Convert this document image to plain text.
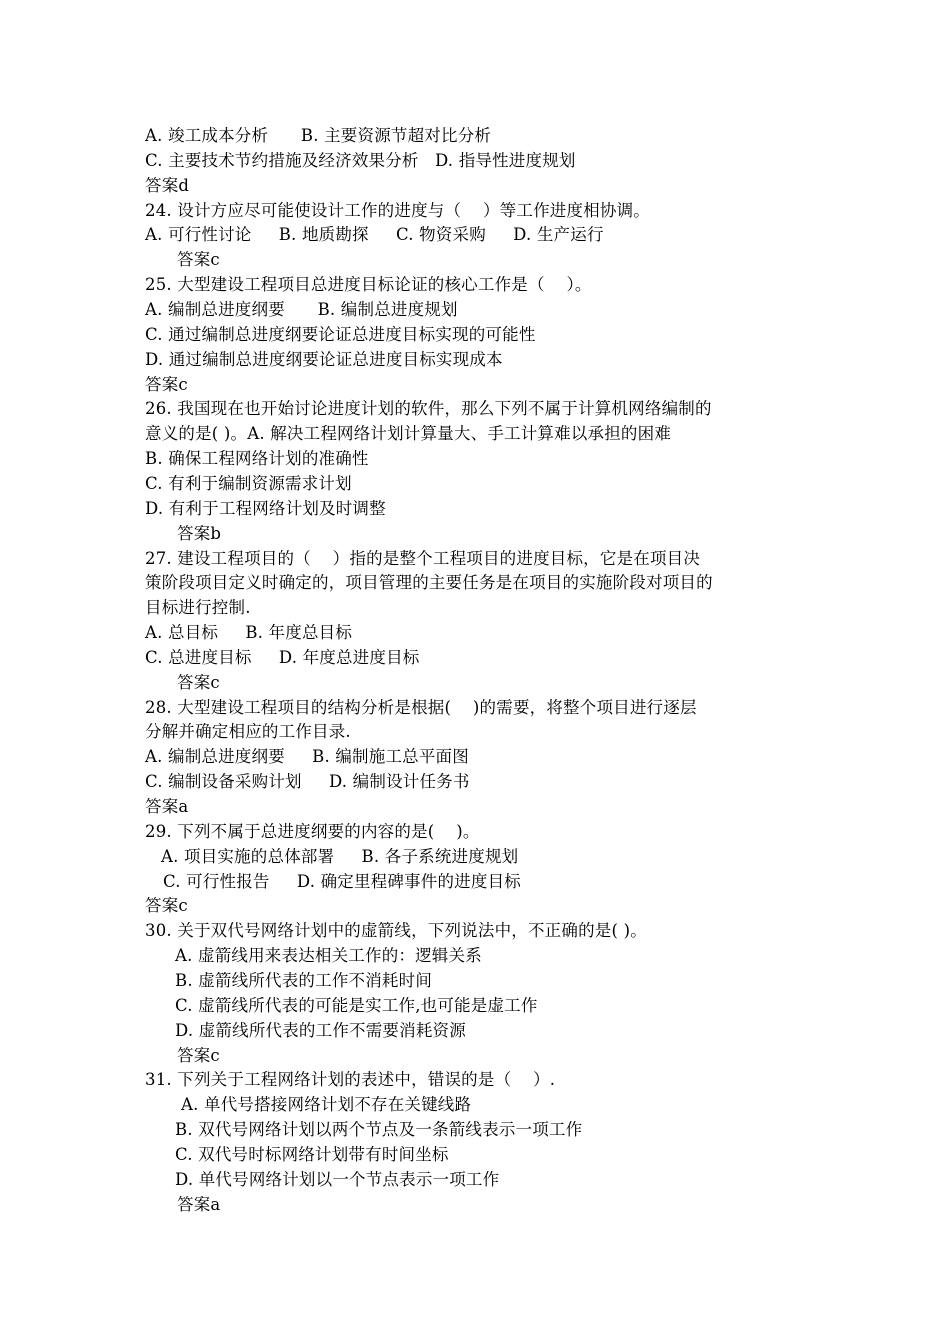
A. 竣工成本分析      B. 主要资源节超对比分析
C. 主要技术节约措施及经济效果分析   D. 指导性进度规划
答案d
24. 设计方应尽可能使设计工作的进度与（    ）等工作进度相协调。
A. 可行性讨论     B. 地质勘探     C. 物资采购     D. 生产运行
答案c
25. 大型建设工程项目总进度目标论证的核心工作是（    ）。
A. 编制总进度纲要      B. 编制总进度规划
C. 通过编制总进度纲要论证总进度目标实现的可能性
D. 通过编制总进度纲要论证总进度目标实现成本
答案c
26. 我国现在也开始讨论进度计划的软件，那么下列不属于计算机网络编制的
意义的是( )。A. 解决工程网络计划计算量大、手工计算难以承担的困难
B. 确保工程网络计划的准确性
C. 有利于编制资源需求计划
D. 有利于工程网络计划及时调整
答案b
27. 建设工程项目的（    ）指的是整个工程项目的进度目标，它是在项目决
策阶段项目定义时确定的，项目管理的主要任务是在项目的实施阶段对项目的
目标进行控制.
A. 总目标     B. 年度总目标
C. 总进度目标     D. 年度总进度目标
答案c
28. 大型建设工程项目的结构分析是根据(    )的需要，将整个项目进行逐层
分解并确定相应的工作目录.
A. 编制总进度纲要     B. 编制施工总平面图
C. 编制设备采购计划     D. 编制设计任务书
答案a
29. 下列不属于总进度纲要的内容的是(    )。
A. 项目实施的总体部署     B. 各子系统进度规划
C. 可行性报告     D. 确定里程碑事件的进度目标
答案c
30. 关于双代号网络计划中的虚箭线，下列说法中，不正确的是( )。
A. 虚箭线用来表达相关工作的：逻辑关系
B. 虚箭线所代表的工作不消耗时间
C. 虚箭线所代表的可能是实工作,也可能是虚工作
D. 虚箭线所代表的工作不需要消耗资源
答案c
31. 下列关于工程网络计划的表述中，错误的是（    ）.
A. 单代号搭接网络计划不存在关键线路
B. 双代号网络计划以两个节点及一条箭线表示一项工作
C. 双代号时标网络计划带有时间坐标
D. 单代号网络计划以一个节点表示一项工作
答案a
